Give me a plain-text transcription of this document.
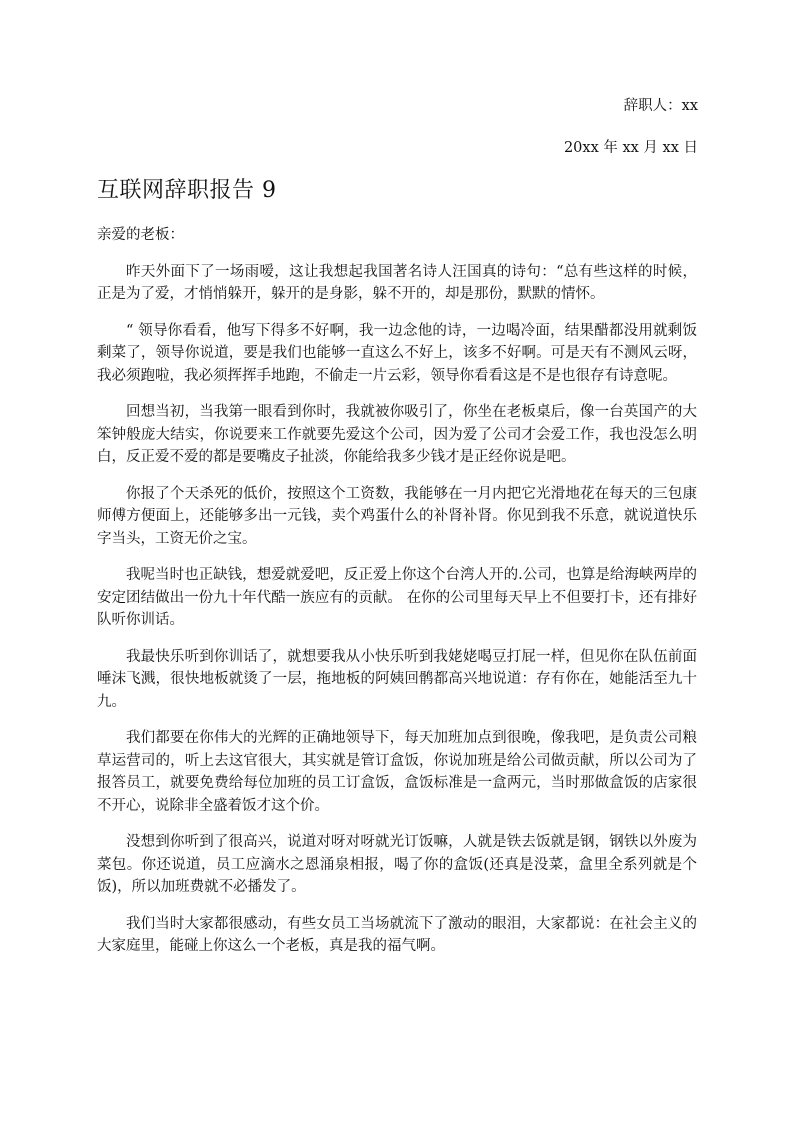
辞职人：xx
20xx 年 xx 月 xx 日
互联网辞职报告 9

亲爱的老板：

昨天外面下了一场雨嗳，这让我想起我国著名诗人汪国真的诗句：“总有些这样的时候，正是为了爱，才悄悄躲开，躲开的是身影，躲不开的，却是那份，默默的情怀。

“ 领导你看看，他写下得多不好啊，我一边念他的诗，一边喝冷面，结果醋都没用就剩饭剩菜了，领导你说道，要是我们也能够一直这么不好上，该多不好啊。可是天有不测风云呀，我必须跑啦，我必须挥挥手地跑，不偷走一片云彩，领导你看看这是不是也很存有诗意呢。

回想当初，当我第一眼看到你时，我就被你吸引了，你坐在老板桌后，像一台英国产的大笨钟般庞大结实，你说要来工作就要先爱这个公司，因为爱了公司才会爱工作，我也没怎么明白，反正爱不爱的都是要嘴皮子扯淡，你能给我多少钱才是正经你说是吧。

你报了个天杀死的低价，按照这个工资数，我能够在一月内把它光滑地花在每天的三包康师傅方便面上，还能够多出一元钱，卖个鸡蛋什么的补肾补肾。你见到我不乐意，就说道快乐字当头，工资无价之宝。

我呢当时也正缺钱，想爱就爱吧，反正爱上你这个台湾人开的.公司，也算是给海峡两岸的安定团结做出一份九十年代酷一族应有的贡献。 在你的公司里每天早上不但要打卡，还有排好队听你训话。

我最快乐听到你训话了，就想要我从小快乐听到我姥姥喝豆打屁一样，但见你在队伍前面唾沫飞溅，很快地板就烫了一层，拖地板的阿姨回鹘都高兴地说道：存有你在，她能活至九十九。

我们都要在你伟大的光辉的正确地领导下，每天加班加点到很晚，像我吧，是负责公司粮草运营司的，听上去这官很大，其实就是管订盒饭，你说加班是给公司做贡献，所以公司为了报答员工，就要免费给每位加班的员工订盒饭，盒饭标准是一盒两元，当时那做盒饭的店家很不开心，说除非全盛着饭才这个价。

没想到你听到了很高兴，说道对呀对呀就光订饭嘛，人就是铁去饭就是钢，钢铁以外废为菜包。你还说道，员工应滴水之恩涌泉相报，喝了你的盒饭(还真是没菜，盒里全系列就是个饭)，所以加班费就不必播发了。

我们当时大家都很感动，有些女员工当场就流下了激动的眼泪，大家都说：在社会主义的大家庭里，能碰上你这么一个老板，真是我的福气啊。
